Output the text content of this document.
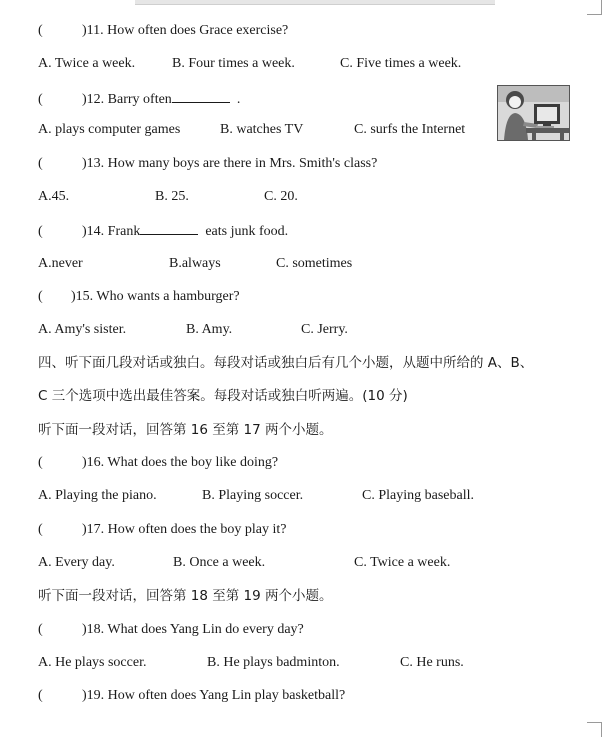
(	)11. How often does Grace exercise?
A. Twice a week.	B. Four times a week.	C. Five times a week.
(	)12. Barry often	.
A. plays computer games	B. watches TV	C. surfs the Internet
(	)13. How many boys are there in Mrs. Smith's class?
A.45.	B. 25.	C. 20.
(	)14. Frank	eats junk food.
A.never	B.always	C. sometimes
( )15. Who wants a hamburger?
A. Amy's sister.	B. Amy.	C. Jerry.
四、听下面几段对话或独白。每段对话或独白后有几个小题，从题中所给的 A、B、
C 三个选项中选出最佳答案。每段对话或独白听两遍。(10 分)
听下面一段对话，回答第 16 至第 17 两个小题。
(	)16. What does the boy like doing?
A. Playing the piano.	B. Playing soccer.	C. Playing baseball.
(	)17. How often does the boy play it?
A. Every day.	B. Once a week.	C. Twice a week.
听下面一段对话，回答第 18 至第 19 两个小题。
(	)18. What does Yang Lin do every day?
A. He plays soccer.	B. He plays badminton.	C. He runs.
(	)19. How often does Yang Lin play basketball?
